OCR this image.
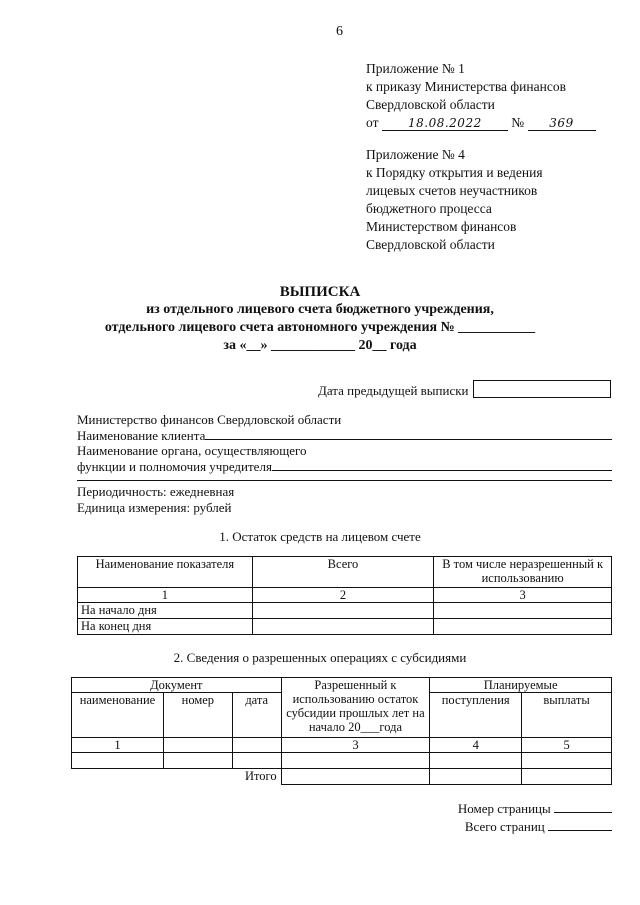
6
Приложение № 1
к приказу Министерства финансов
Свердловской области
от 18.08.2022 № 369
Приложение № 4
к Порядку открытия и ведения
лицевых счетов неучастников
бюджетного процесса
Министерством финансов
Свердловской области
ВЫПИСКА
из отдельного лицевого счета бюджетного учреждения,
отдельного лицевого счета автономного учреждения № ___________
за «__» ____________ 20__ года
Дата предыдущей выписки
Министерство финансов Свердловской области
Наименование клиента
Наименование органа, осуществляющего
функции и полномочия учредителя
Периодичность: ежедневная
Единица измерения: рублей
1. Остаток средств на лицевом счете
Наименование показателя	Всего	В том числе неразрешенный к использованию
1	2	3
На начало дня		
На конец дня		
2. Сведения о разрешенных операциях с субсидиями
Документ			Разрешенный к использованию остаток субсидии прошлых лет на начало 20___года	Планируемые	
наименование	номер	дата		поступления	выплаты
1			3	4	5

Итого					
Номер страницы
Всего страниц
